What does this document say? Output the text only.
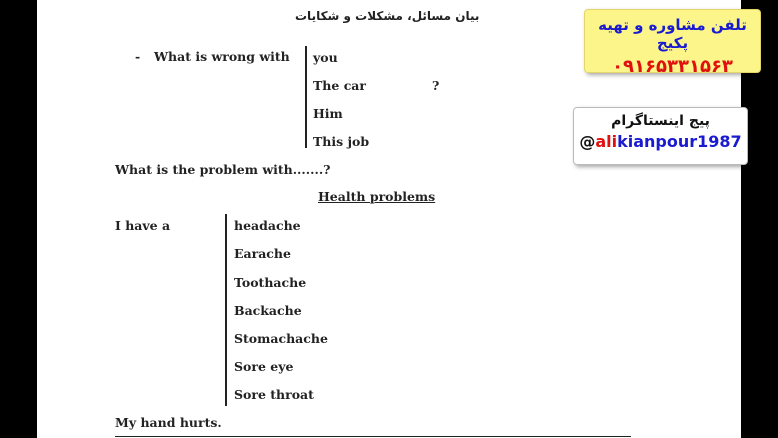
بیان مسائل، مشکلات و شکایات
- What is wrong with you
The car	?
Him
This job
What is the problem with.......?
Health problems
I have a	headache
Earache
Toothache
Backache
Stomachache
Sore eye
Sore throat
My hand hurts.
تلفن مشاوره و تهیه پکیج
۰۹۱۶۵۳۳۱۵۶۳
پیج اینستاگرام
@alikianpour1987
